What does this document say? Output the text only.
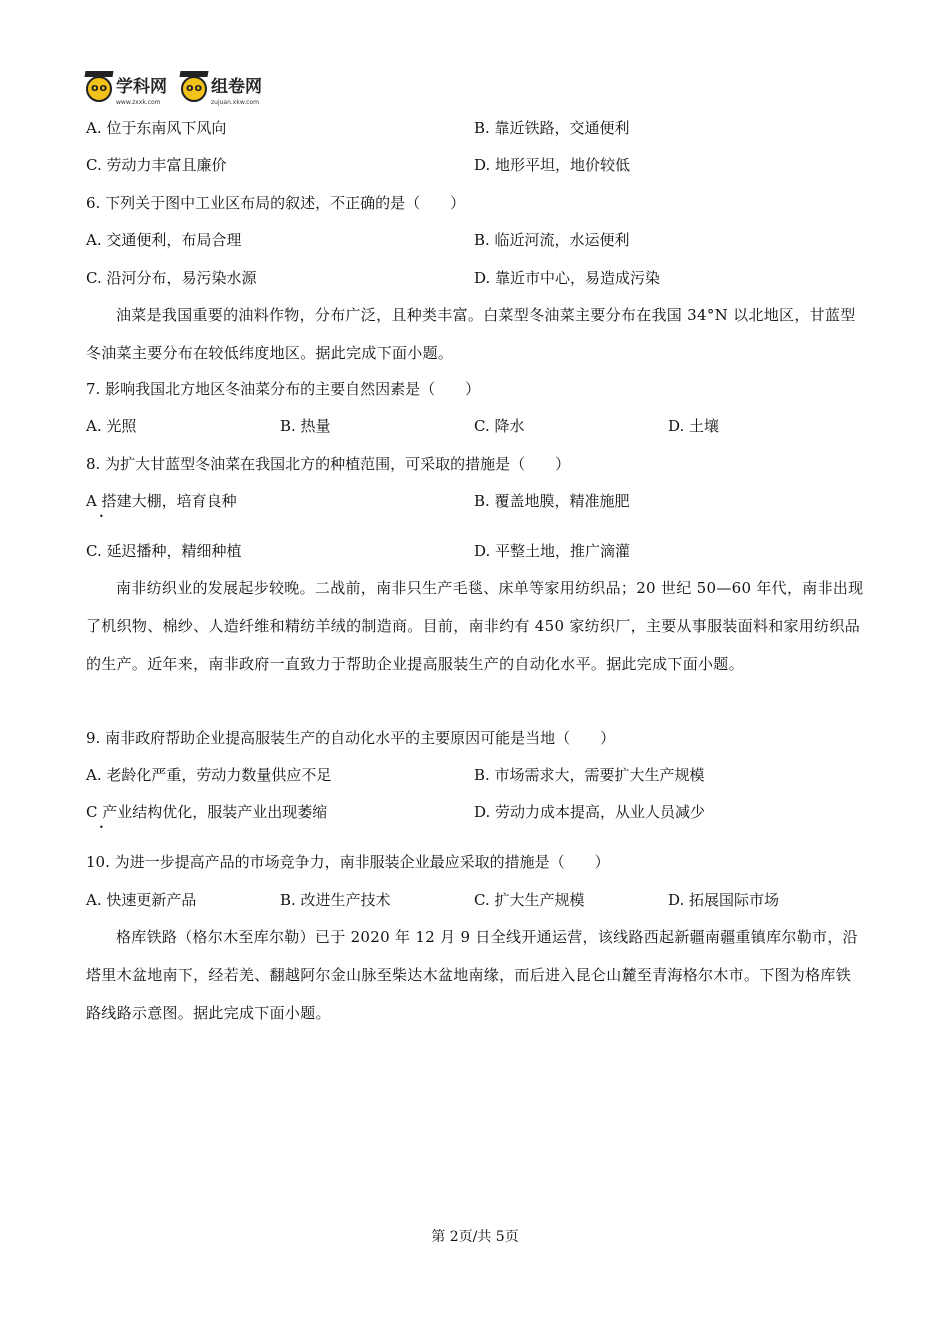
oo
学科网
www.zxxk.com
oo
组卷网
zujuan.xkw.com
A. 位于东南风下风向	B. 靠近铁路，交通便利
C. 劳动力丰富且廉价	D. 地形平坦，地价较低
6. 下列关于图中工业区布局的叙述，不正确的是（　　）
A. 交通便利，布局合理	B. 临近河流，水运便利
C. 沿河分布，易污染水源	D. 靠近市中心，易造成污染
油菜是我国重要的油料作物，分布广泛，且种类丰富。白菜型冬油菜主要分布在我国 34°N 以北地区，甘蓝型冬油菜主要分布在较低纬度地区。据此完成下面小题。
7. 影响我国北方地区冬油菜分布的主要自然因素是（　　）
A. 光照	B. 热量	C. 降水	D. 土壤
8. 为扩大甘蓝型冬油菜在我国北方的种植范围，可采取的措施是（　　）
A 搭建大棚，培育良种
•
B. 覆盖地膜，精准施肥
C. 延迟播种，精细种植	D. 平整土地，推广滴灌
南非纺织业的发展起步较晚。二战前，南非只生产毛毯、床单等家用纺织品；20 世纪 50—60 年代，南非出现了机织物、棉纱、人造纤维和精纺羊绒的制造商。目前，南非约有 450 家纺织厂，主要从事服装面料和家用纺织品的生产。近年来，南非政府一直致力于帮助企业提高服装生产的自动化水平。据此完成下面小题。
9. 南非政府帮助企业提高服装生产的自动化水平的主要原因可能是当地（　　）
A. 老龄化严重，劳动力数量供应不足	B. 市场需求大，需要扩大生产规模
C 产业结构优化，服装产业出现萎缩
•
D. 劳动力成本提高，从业人员减少
10. 为进一步提高产品的市场竞争力，南非服装企业最应采取的措施是（　　）
A. 快速更新产品	B. 改进生产技术	C. 扩大生产规模	D. 拓展国际市场
格库铁路（格尔木至库尔勒）已于 2020 年 12 月 9 日全线开通运营，该线路西起新疆南疆重镇库尔勒市，沿塔里木盆地南下，经若羌、翻越阿尔金山脉至柴达木盆地南缘，而后进入昆仑山麓至青海格尔木市。下图为格库铁路线路示意图。据此完成下面小题。
第 2页/共 5页
